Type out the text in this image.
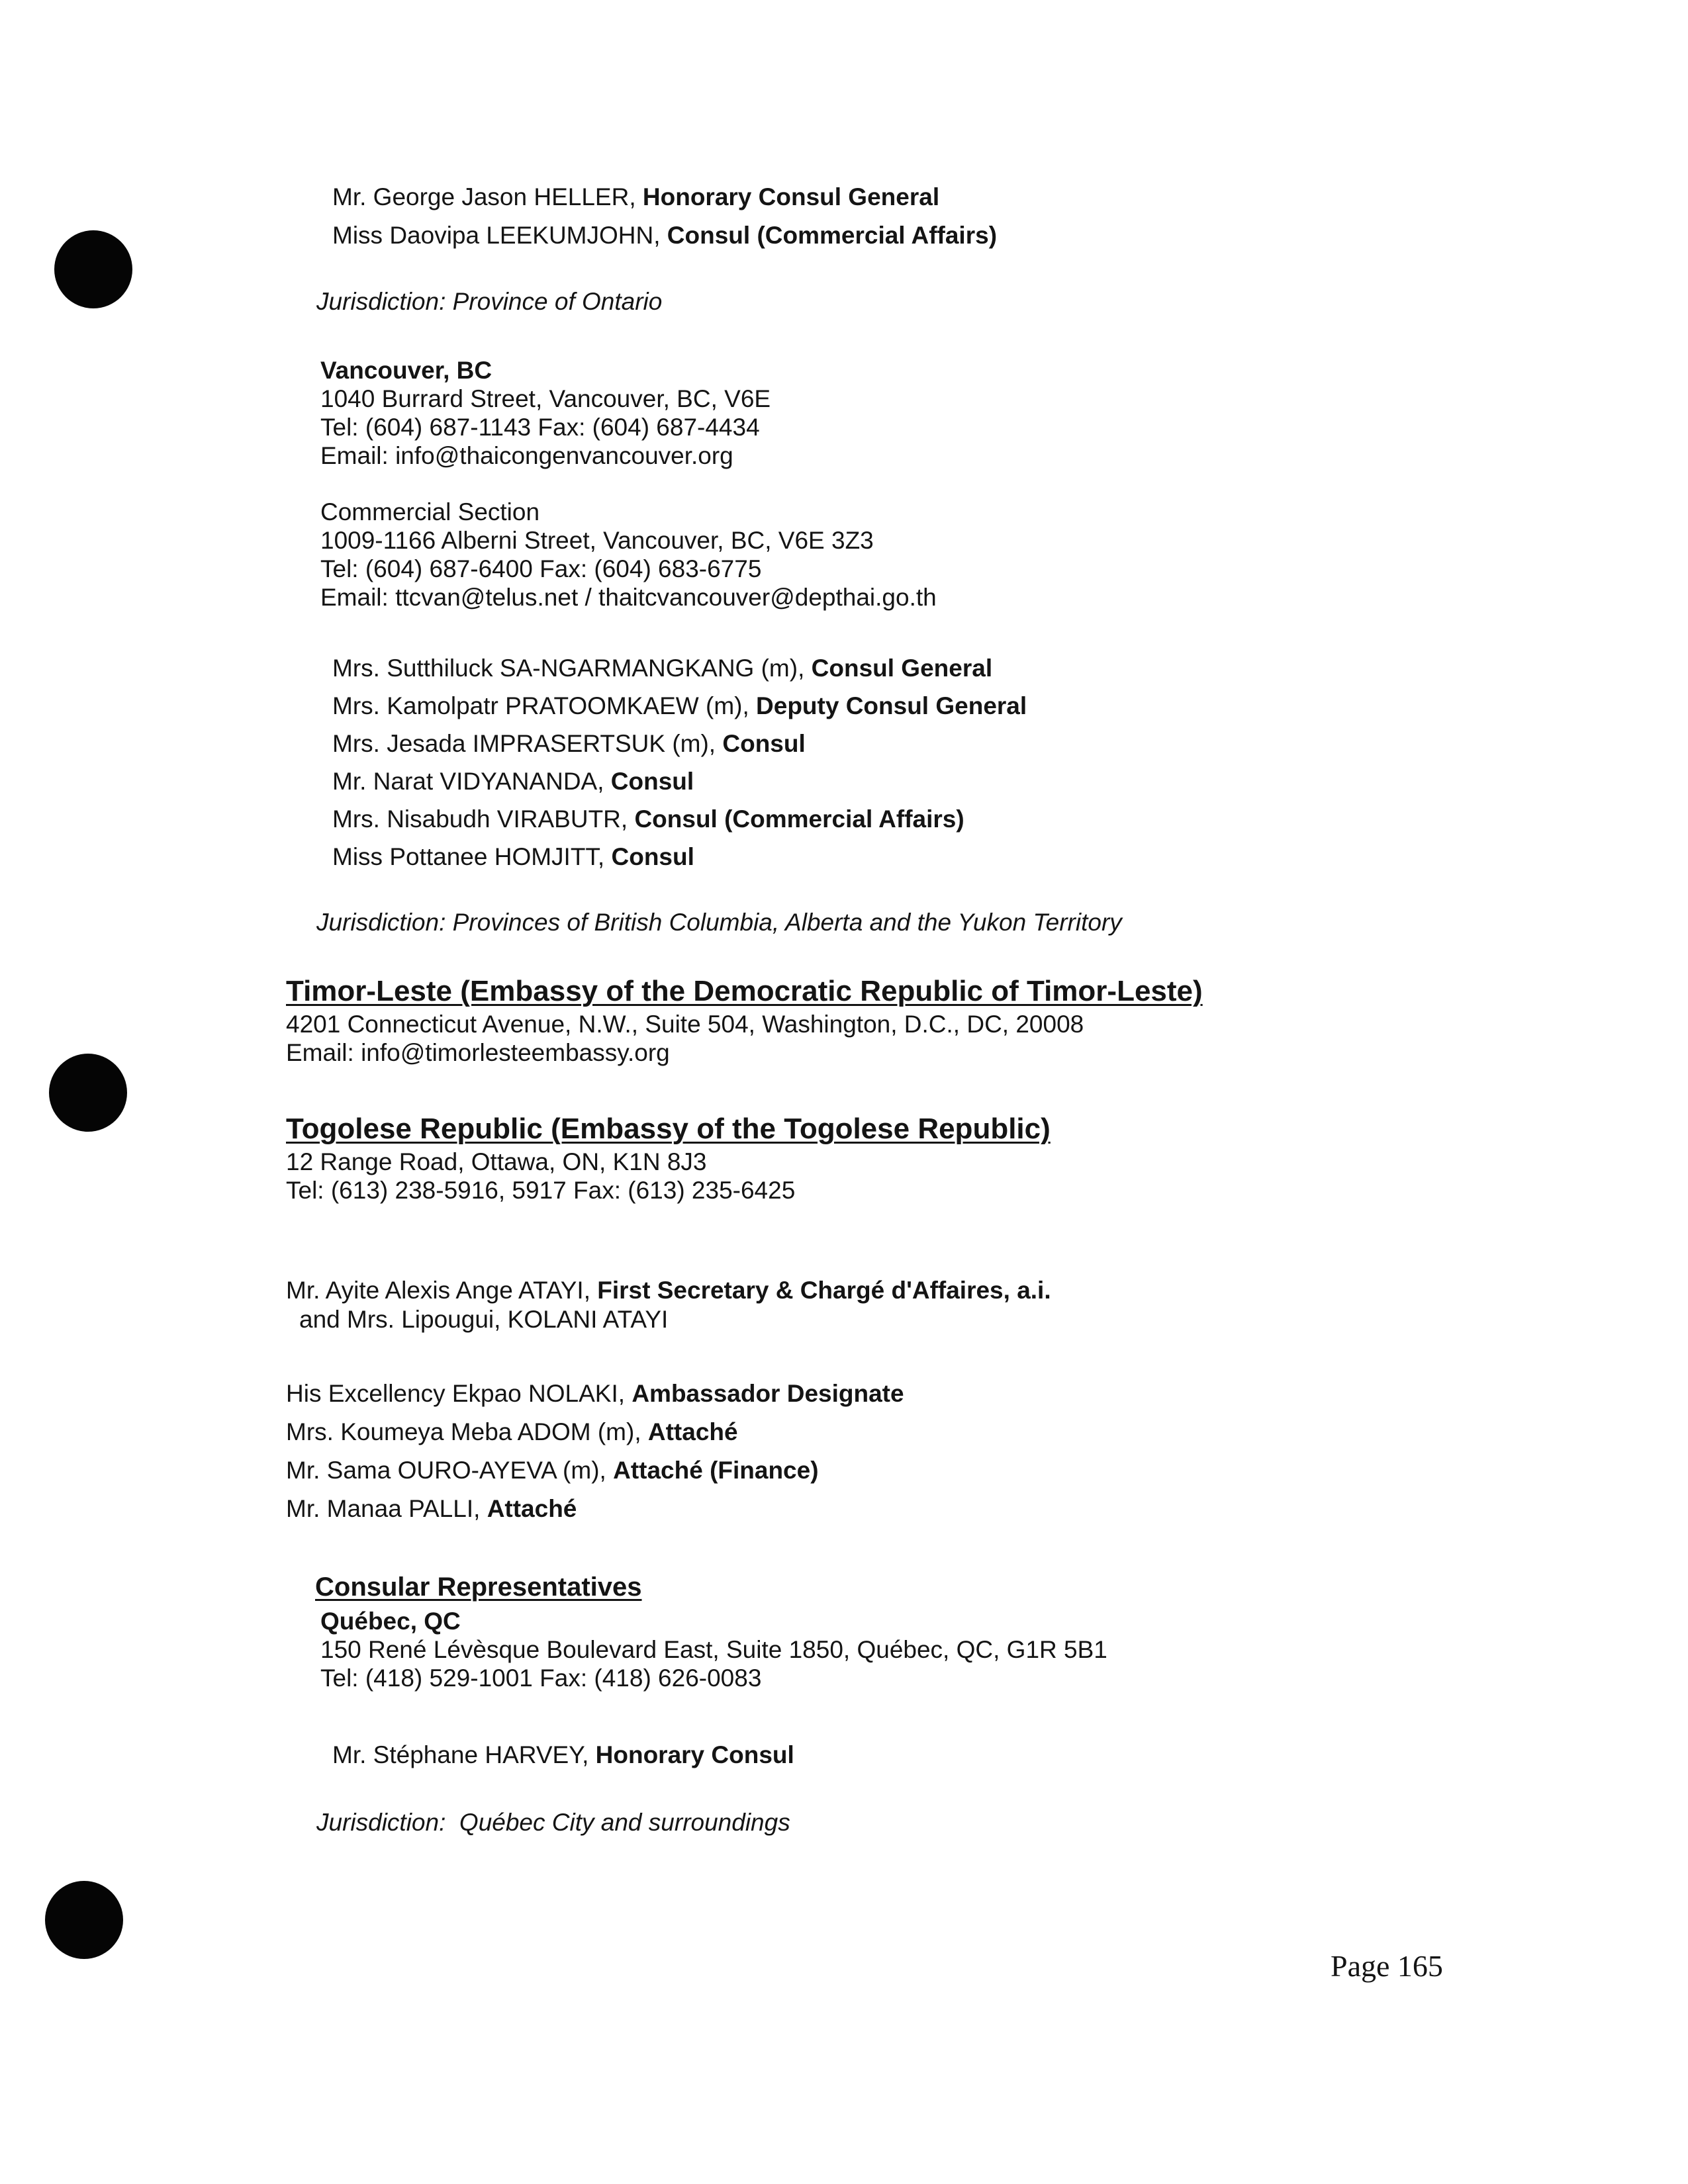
Mr. George Jason HELLER, Honorary Consul General
Miss Daovipa LEEKUMJOHN, Consul (Commercial Affairs)
Jurisdiction: Province of Ontario
Vancouver, BC
1040 Burrard Street, Vancouver, BC, V6E
Tel: (604) 687-1143 Fax: (604) 687-4434
Email: info@thaicongenvancouver.org
Commercial Section
1009-1166 Alberni Street, Vancouver, BC, V6E 3Z3
Tel: (604) 687-6400 Fax: (604) 683-6775
Email: ttcvan@telus.net / thaitcvancouver@depthai.go.th
Mrs. Sutthiluck SA-NGARMANGKANG (m), Consul General
Mrs. Kamolpatr PRATOOMKAEW (m), Deputy Consul General
Mrs. Jesada IMPRASERTSUK (m), Consul
Mr. Narat VIDYANANDA, Consul
Mrs. Nisabudh VIRABUTR, Consul (Commercial Affairs)
Miss Pottanee HOMJITT, Consul
Jurisdiction: Provinces of British Columbia, Alberta and the Yukon Territory
Timor-Leste (Embassy of the Democratic Republic of Timor-Leste)
4201 Connecticut Avenue, N.W., Suite 504, Washington, D.C., DC, 20008
Email: info@timorlesteembassy.org
Togolese Republic (Embassy of the Togolese Republic)
12 Range Road, Ottawa, ON, K1N 8J3
Tel: (613) 238-5916, 5917 Fax: (613) 235-6425
Mr. Ayite Alexis Ange ATAYI, First Secretary & Chargé d'Affaires, a.i.
and Mrs. Lipougui, KOLANI ATAYI
His Excellency Ekpao NOLAKI, Ambassador Designate
Mrs. Koumeya Meba ADOM (m), Attaché
Mr. Sama OURO-AYEVA (m), Attaché (Finance)
Mr. Manaa PALLI, Attaché
Consular Representatives
Québec, QC
150 René Lévèsque Boulevard East, Suite 1850, Québec, QC, G1R 5B1
Tel: (418) 529-1001 Fax: (418) 626-0083
Mr. Stéphane HARVEY, Honorary Consul
Jurisdiction:  Québec City and surroundings
Page 165
